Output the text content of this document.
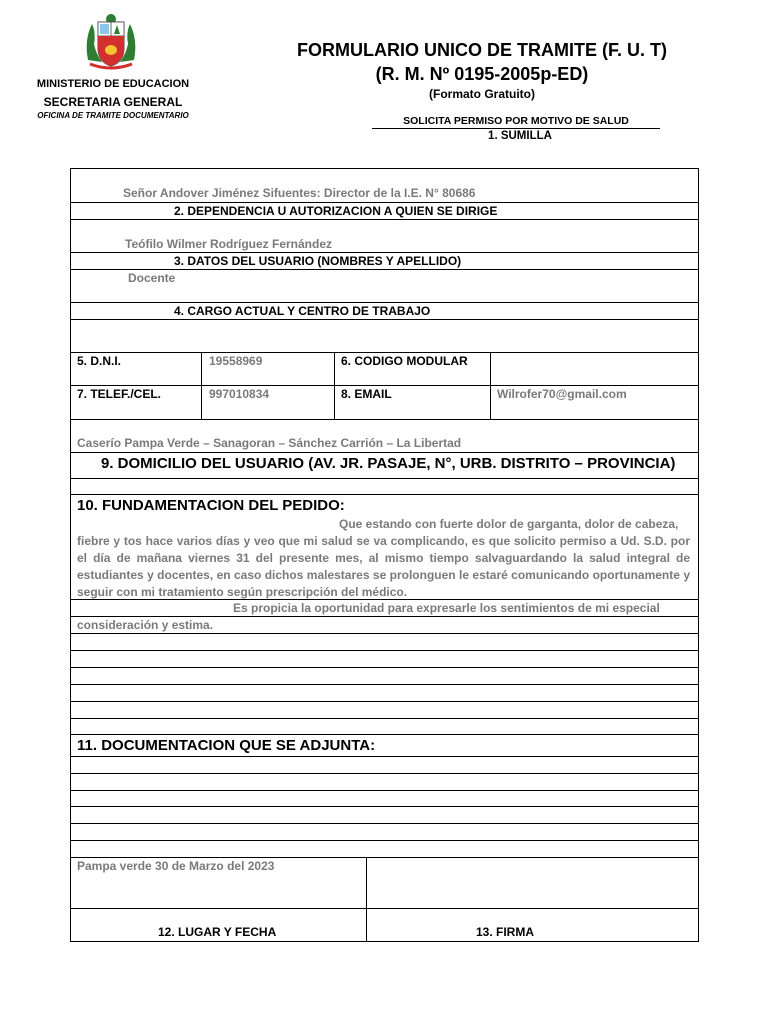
MINISTERIO DE EDUCACION
SECRETARIA GENERAL
OFICINA DE TRAMITE DOCUMENTARIO
FORMULARIO UNICO DE TRAMITE (F. U. T)
(R. M. Nº 0195-2005p-ED)
(Formato Gratuito)
SOLICITA PERMISO POR MOTIVO DE SALUD
1. SUMILLA
Señor Andover Jiménez Sifuentes: Director de la I.E. N° 80686
2. DEPENDENCIA U AUTORIZACION A QUIEN SE DIRIGE
Teófilo Wilmer Rodríguez Fernández
3. DATOS DEL USUARIO (NOMBRES Y APELLIDO)
Docente
4. CARGO ACTUAL Y CENTRO DE TRABAJO
5. D.N.I.	19558969	6. CODIGO MODULAR
7. TELEF./CEL.	997010834	8. EMAIL	Wilrofer70@gmail.com
Caserío Pampa Verde – Sanagoran – Sánchez Carrión – La Libertad
9. DOMICILIO DEL USUARIO (AV. JR. PASAJE, N°, URB. DISTRITO – PROVINCIA)
10. FUNDAMENTACION DEL PEDIDO:
Que estando con fuerte dolor de garganta, dolor de cabeza,
fiebre y tos hace varios días y veo que mi salud se va complicando, es que solicito permiso a Ud. S.D. por el día de mañana viernes 31 del presente mes, al mismo tiempo salvaguardando la salud integral de estudiantes y docentes, en caso dichos malestares se prolonguen le estaré comunicando oportunamente y seguir con mi tratamiento según prescripción del médico.
Es propicia la oportunidad para expresarle los sentimientos de mi especial
consideración y estima.
11. DOCUMENTACION QUE SE ADJUNTA:
Pampa verde 30 de Marzo del 2023
12. LUGAR Y FECHA	13. FIRMA
